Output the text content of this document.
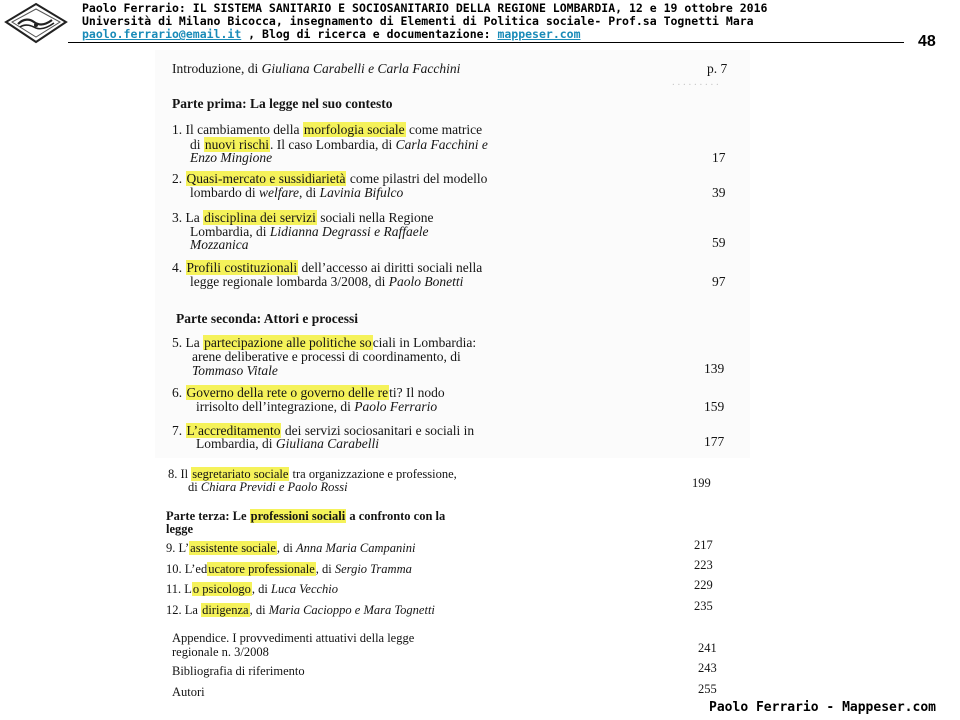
Paolo Ferrario: IL SISTEMA SANITARIO E SOCIOSANITARIO DELLA REGIONE LOMBARDIA, 12 e 19 ottobre 2016
Università di Milano Bicocca, insegnamento di Elementi di Politica sociale- Prof.sa Tognetti Mara
paolo.ferrario@email.it , Blog di ricerca e documentazione: mappeser.com	48
. . . . . . . . .
Introduzione, di Giuliana Carabelli e Carla Facchini	p. 7
Parte prima: La legge nel suo contesto
1. Il cambiamento della morfologia sociale come matrice
di nuovi rischi. Il caso Lombardia, di Carla Facchini e
Enzo Mingione	17
2. Quasi-mercato e sussidiarietà come pilastri del modello
lombardo di welfare, di Lavinia Bifulco	39
3. La disciplina dei servizi sociali nella Regione
Lombardia, di Lidianna Degrassi e Raffaele
Mozzanica	59
4. Profili costituzionali dell’accesso ai diritti sociali nella
legge regionale lombarda 3/2008, di Paolo Bonetti	97
Parte seconda: Attori e processi
5. La partecipazione alle politiche sociali in Lombardia:
arene deliberative e processi di coordinamento, di
Tommaso Vitale	139
6. Governo della rete o governo delle reti? Il nodo
irrisolto dell’integrazione, di Paolo Ferrario	159
7. L’accreditamento dei servizi sociosanitari e sociali in
Lombardia, di Giuliana Carabelli	177
8. Il segretariato sociale tra organizzazione e professione,
di Chiara Previdi e Paolo Rossi	199
Parte terza: Le professioni sociali a confronto con la
legge
9. L’assistente sociale, di Anna Maria Campanini	217
10. L’educatore professionale, di Sergio Tramma	223
11. Lo psicologo, di Luca Vecchio	229
12. La dirigenza, di Maria Cacioppo e Mara Tognetti	235
Appendice. I provvedimenti attuativi della legge
regionale n. 3/2008	241
Bibliografia di riferimento	243
Autori	255
Paolo Ferrario - Mappeser.com
